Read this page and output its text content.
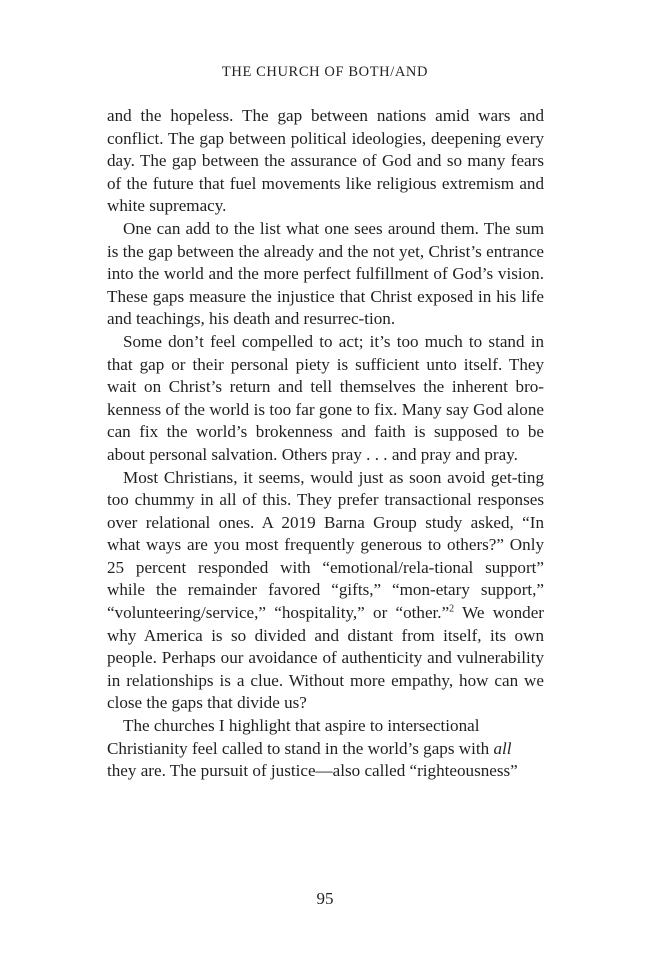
THE CHURCH OF BOTH/AND

and the hopeless. The gap between nations amid wars and conflict. The gap between political ideologies, deepening every day. The gap between the assurance of God and so many fears of the future that fuel movements like religious extremism and white supremacy.

One can add to the list what one sees around them. The sum is the gap between the already and the not yet, Christ’s entrance into the world and the more perfect fulfillment of God’s vision. These gaps measure the injustice that Christ exposed in his life and teachings, his death and resurrec-tion.

Some don’t feel compelled to act; it’s too much to stand in that gap or their personal piety is sufficient unto itself. They wait on Christ’s return and tell themselves the inherent bro-kenness of the world is too far gone to fix. Many say God alone can fix the world’s brokenness and faith is supposed to be about personal salvation. Others pray . . . and pray and pray.

Most Christians, it seems, would just as soon avoid get-ting too chummy in all of this. They prefer transactional responses over relational ones. A 2019 Barna Group study asked, “In what ways are you most frequently generous to others?” Only 25 percent responded with “emotional/rela-tional support” while the remainder favored “gifts,” “mon-etary support,” “volunteering/service,” “hospitality,” or “other.”$^2$ We wonder why America is so divided and distant from itself, its own people. Perhaps our avoidance of authenticity and vulnerability in relationships is a clue. Without more empathy, how can we close the gaps that divide us?

The churches I highlight that aspire to intersectional Christianity feel called to stand in the world’s gaps with all they are. The pursuit of justice—also called “righteousness”

95
